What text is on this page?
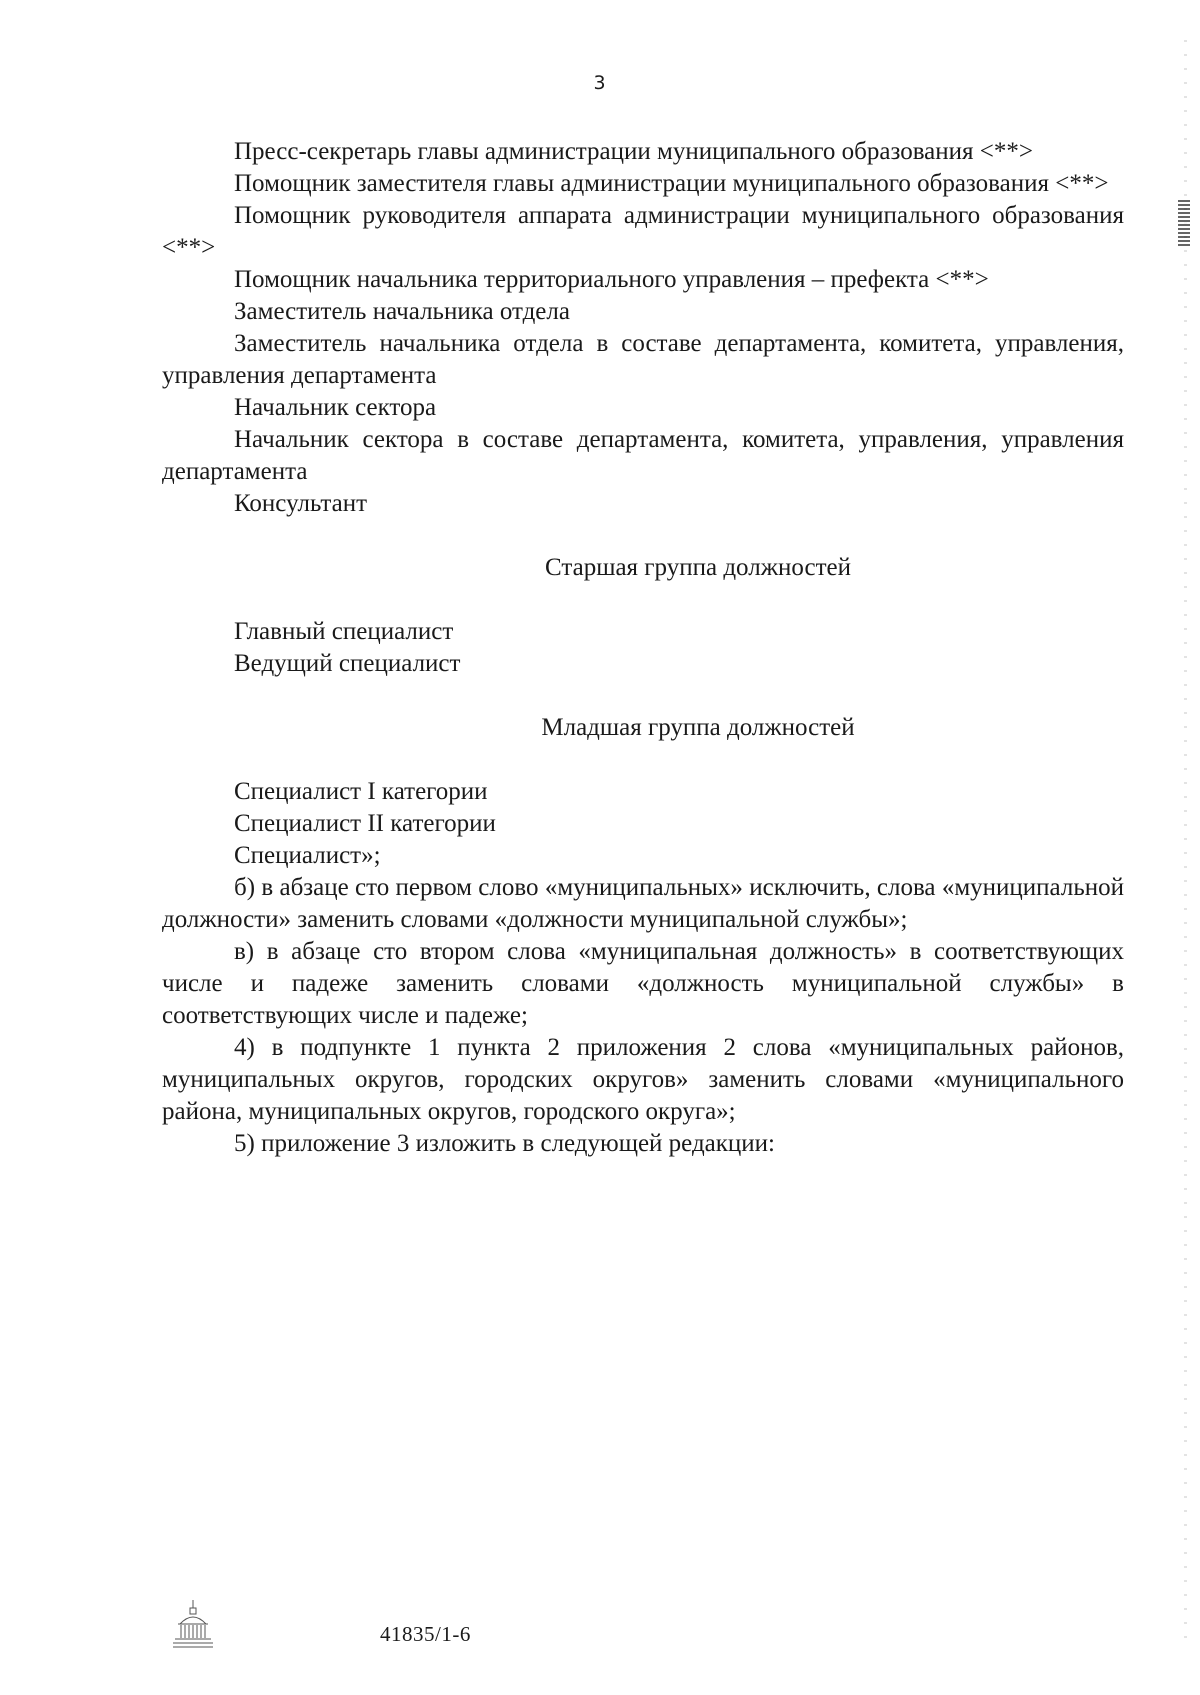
3

Пресс-секретарь главы администрации муниципального образования <**>

Помощник заместителя главы администрации муниципального образования <**>

Помощник руководителя аппарата администрации муниципального образования <**>

Помощник начальника территориального управления – префекта <**>

Заместитель начальника отдела

Заместитель начальника отдела в составе департамента, комитета, управления, управления департамента

Начальник сектора

Начальник сектора в составе департамента, комитета, управления, управления департамента

Консультант

Старшая группа должностей

Главный специалист

Ведущий специалист

Младшая группа должностей

Специалист I категории

Специалист II категории

Специалист»;

б) в абзаце сто первом слово «муниципальных» исключить, слова «муниципальной должности» заменить словами «должности муниципальной службы»;

в) в абзаце сто втором слова «муниципальная должность» в соответствующих числе и падеже заменить словами «должность муниципальной службы» в соответствующих числе и падеже;

4) в подпункте 1 пункта 2 приложения 2 слова «муниципальных районов, муниципальных округов, городских округов» заменить словами «муниципального района, муниципальных округов, городского округа»;

5) приложение 3 изложить в следующей редакции:

41835/1-6
